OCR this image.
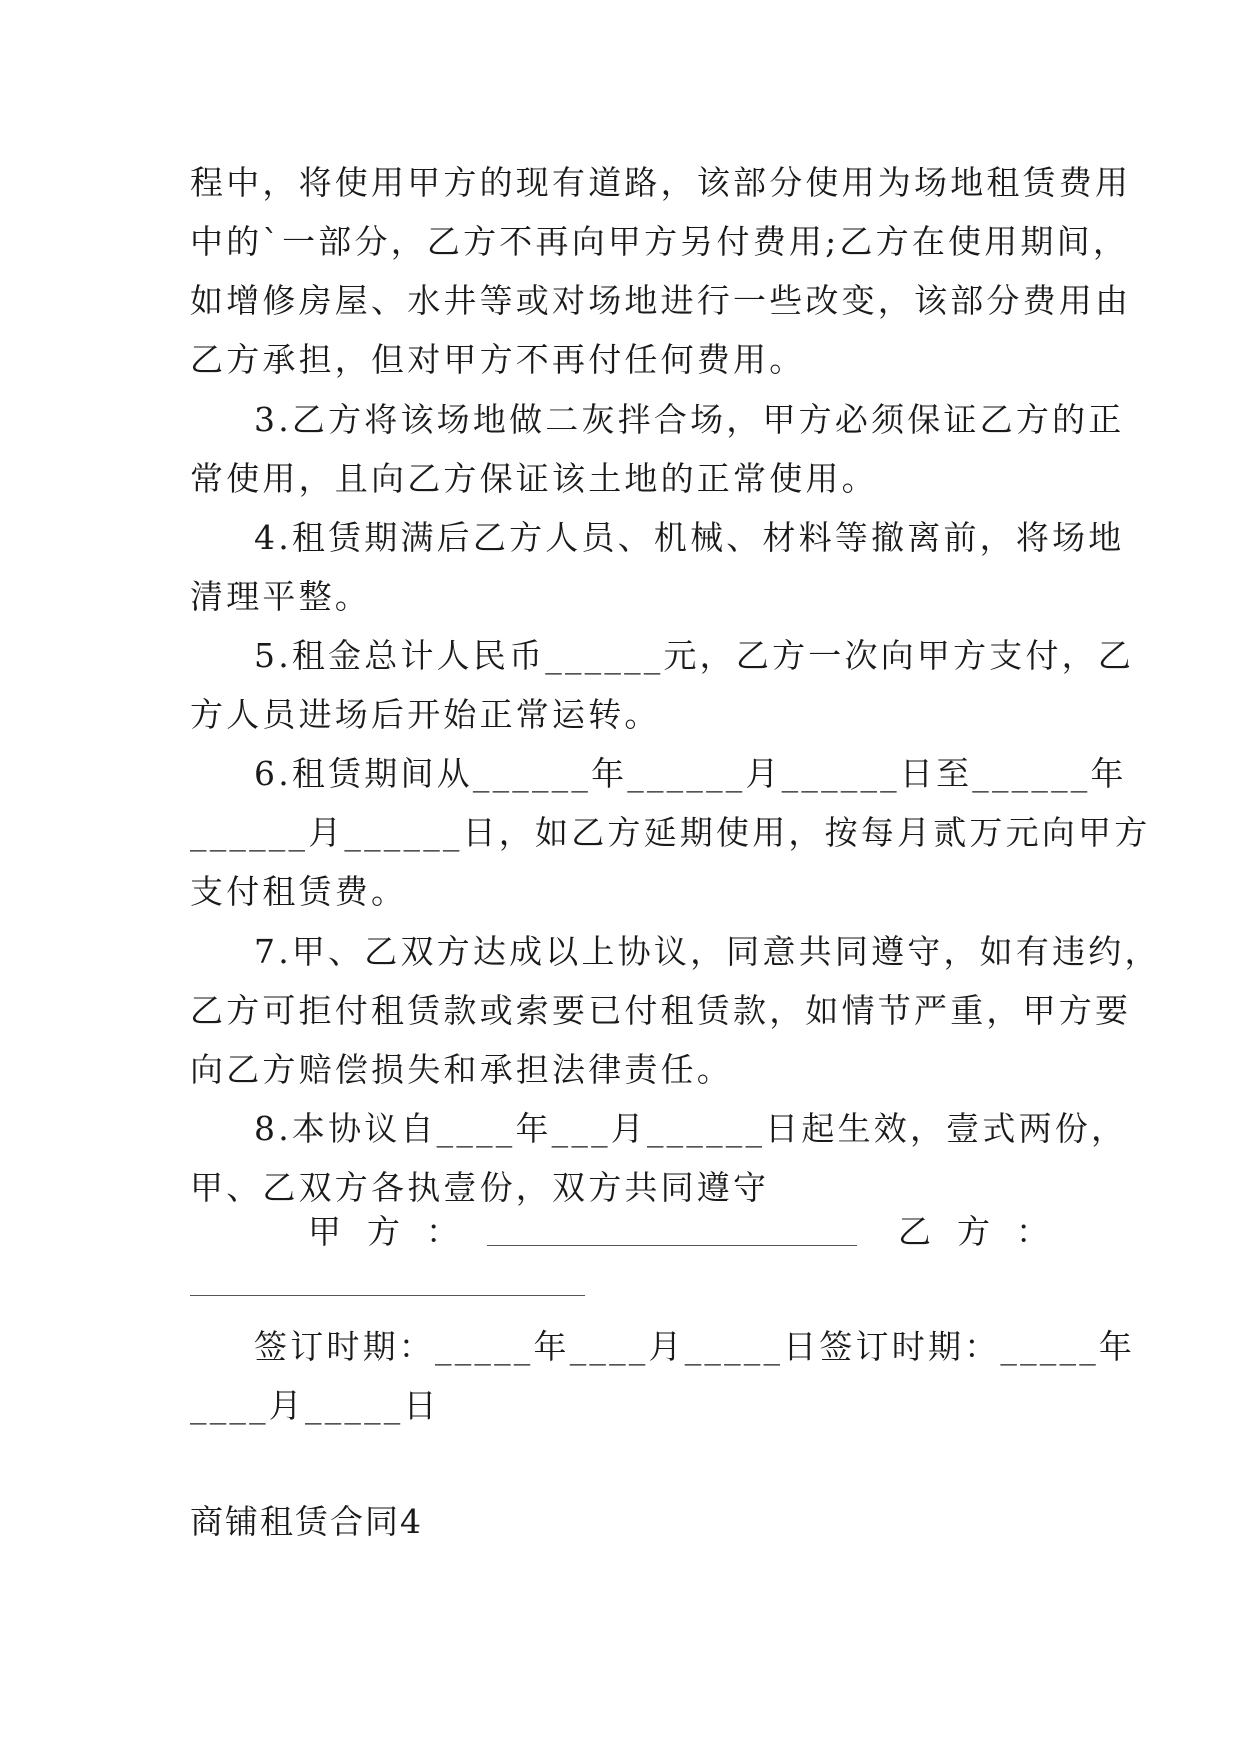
程中，将使用甲方的现有道路，该部分使用为场地租赁费用
中的`一部分，乙方不再向甲方另付费用;乙方在使用期间，
如增修房屋、水井等或对场地进行一些改变，该部分费用由
乙方承担，但对甲方不再付任何费用。
3.乙方将该场地做二灰拌合场，甲方必须保证乙方的正
常使用，且向乙方保证该土地的正常使用。
4.租赁期满后乙方人员、机械、材料等撤离前，将场地
清理平整。
5.租金总计人民币______元，乙方一次向甲方支付，乙
方人员进场后开始正常运转。
6.租赁期间从______年______月______日至______年
______月______日，如乙方延期使用，按每月贰万元向甲方
支付租赁费。
7.甲、乙双方达成以上协议，同意共同遵守，如有违约，
乙方可拒付租赁款或索要已付租赁款，如情节严重，甲方要
向乙方赔偿损失和承担法律责任。
8.本协议自____年___月______日起生效，壹式两份，
甲、乙双方各执壹份，双方共同遵守
甲方：	乙方：
签订时期：_____年____月_____日签订时期：_____年
____月_____日
商铺租赁合同4
